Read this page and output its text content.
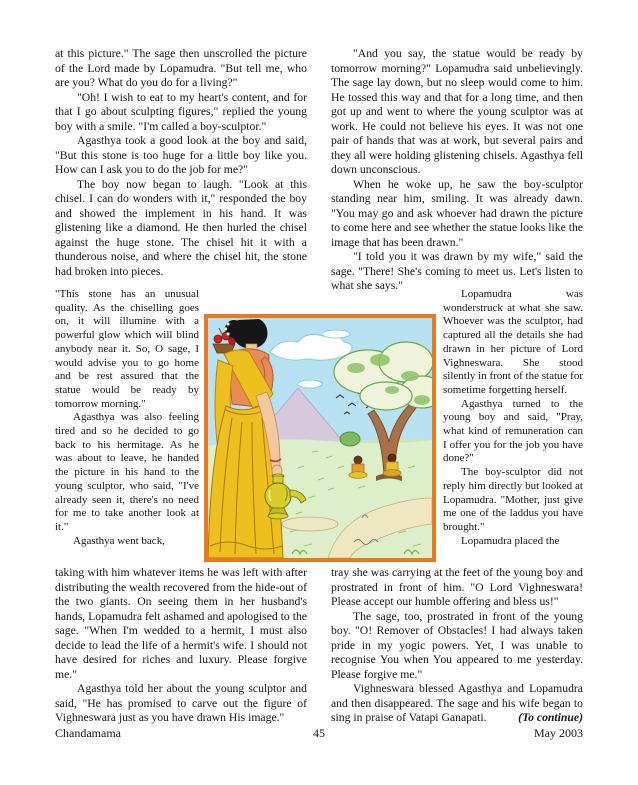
at this picture." The sage then unscrolled the picture of the Lord made by Lopamudra. "But tell me, who are you? What do you do for a living?"

"Oh! I wish to eat to my heart's content, and for that I go about sculpting figures," replied the young boy with a smile. "I'm called a boy-sculptor."

Agasthya took a good look at the boy and said, "But this stone is too huge for a little boy like you. How can I ask you to do the job for me?"

The boy now began to laugh. "Look at this chisel. I can do wonders with it," responded the boy and showed the implement in his hand. It was glistening like a diamond. He then hurled the chisel against the huge stone. The chisel hit it with a thunderous noise, and where the chisel hit, the stone had broken into pieces.

"And you say, the statue would be ready by tomorrow morning?" Lopamudra said unbelievingly. The sage lay down, but no sleep would come to him. He tossed this way and that for a long time, and then got up and went to where the young sculptor was at work. He could not believe his eyes. It was not one pair of hands that was at work, but several pairs and they all were holding glistening chisels. Agasthya fell down unconscious.

When he woke up, he saw the boy-sculptor standing near him, smiling. It was already dawn. "You may go and ask whoever had drawn the picture to come here and see whether the statue looks like the image that has been drawn."

"I told you it was drawn by my wife," said the sage. "There! She's coming to meet us. Let's listen to what she says."

"This stone has an unusual quality. As the chiselling goes on, it will illumine with a powerful glow which will blind anybody near it. So, O sage, I would advise you to go home and be rest assured that the statue would be ready by tomorrow morning."

Agasthya was also feeling tired and so he decided to go back to his hermitage. As he was about to leave, he handed the picture in his hand to the young sculptor, who said, "I've already seen it, there's no need for me to take another look at it."

Agasthya went back,

Lopamudra was wonderstruck at what she saw. Whoever was the sculptor, had captured all the details she had drawn in her picture of Lord Vighneswara. She stood silently in front of the statue for sometime forgetting herself.

Agasthya turned to the young boy and said, "Pray, what kind of remuneration can I offer you for the job you have done?"

The boy-sculptor did not reply him directly but looked at Lopamudra. "Mother, just give me one of the laddus you have brought."

Lopamudra placed the

taking with him whatever items he was left with after distributing the wealth recovered from the hide-out of the two giants. On seeing them in her husband's hands, Lopamudra felt ashamed and apologised to the sage. "When I'm wedded to a hermit, I must also decide to lead the life of a hermit's wife. I should not have desired for riches and luxury. Please forgive me."

Agasthya told her about the young sculptor and said, "He has promised to carve out the figure of Vighneswara just as you have drawn His image."

tray she was carrying at the feet of the young boy and prostrated in front of him. "O Lord Vighneswara! Please accept our humble offering and bless us!"

The sage, too, prostrated in front of the young boy. "O! Remover of Obstacles! I had always taken pride in my yogic powers. Yet, I was unable to recognise You when You appeared to me yesterday. Please forgive me."

Vighneswara blessed Agasthya and Lopamudra and then disappeared. The sage and his wife began to sing in praise of Vatapi Ganapati.	(To continue)

Chandamama	45	May 2003
